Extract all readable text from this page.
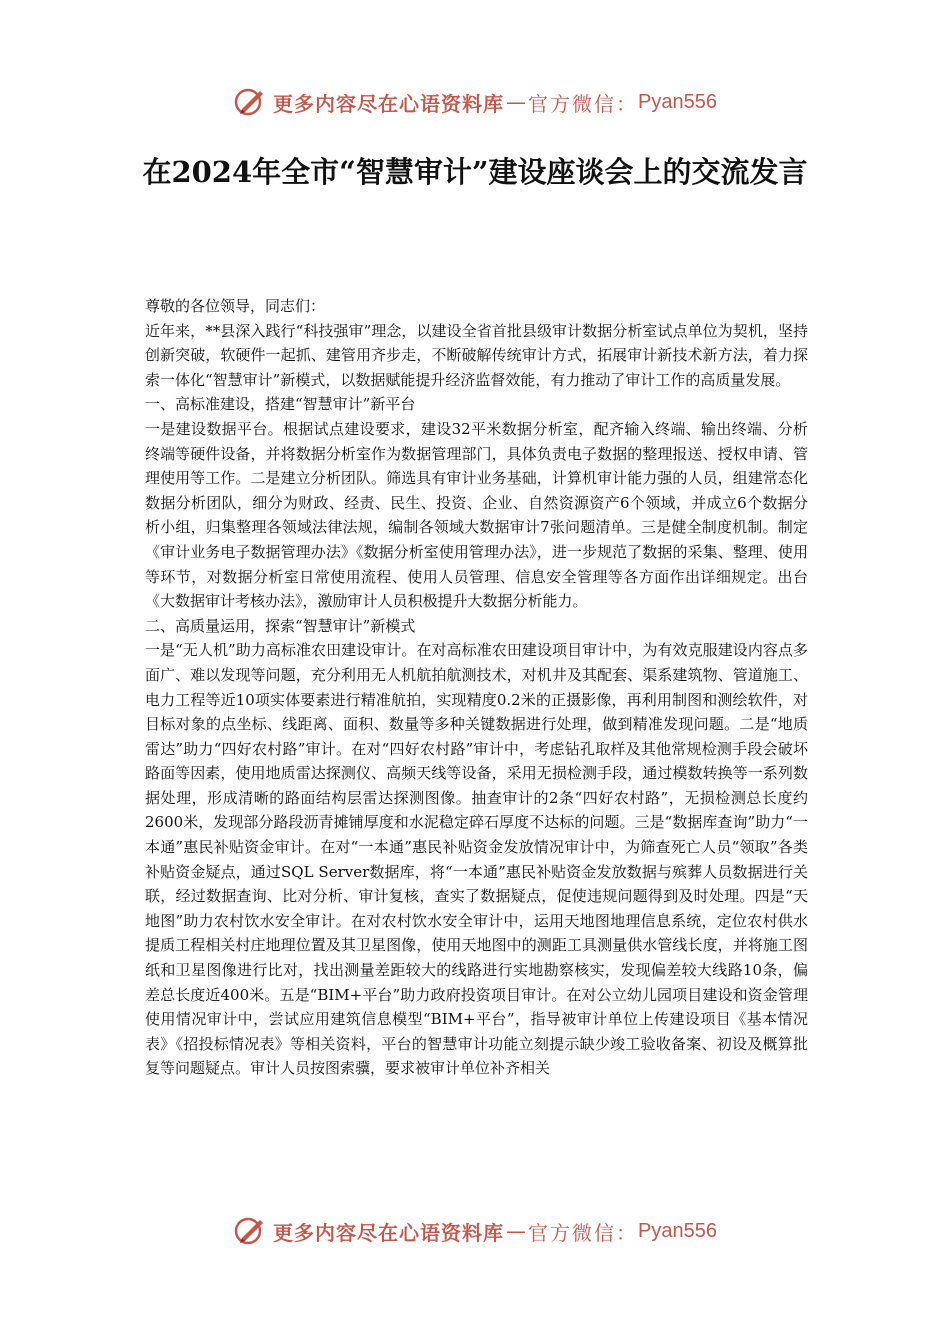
更多内容尽在心语资料库 — 官方微信： Pyan556
在2024年全市“智慧审计”建设座谈会上的交流发言

尊敬的各位领导，同志们：

近年来，**县深入践行“科技强审”理念，以建设全省首批县级审计数据分析室试点单位为契机，坚持创新突破，软硬件一起抓、建管用齐步走，不断破解传统审计方式，拓展审计新技术新方法，着力探索一体化“智慧审计”新模式，以数据赋能提升经济监督效能，有力推动了审计工作的高质量发展。

一、高标准建设，搭建“智慧审计”新平台

一是建设数据平台。根据试点建设要求，建设32平米数据分析室，配齐输入终端、输出终端、分析终端等硬件设备，并将数据分析室作为数据管理部门，具体负责电子数据的整理报送、授权申请、管理使用等工作。二是建立分析团队。筛选具有审计业务基础，计算机审计能力强的人员，组建常态化数据分析团队，细分为财政、经责、民生、投资、企业、自然资源资产6个领域，并成立6个数据分析小组，归集整理各领域法律法规，编制各领域大数据审计7张问题清单。三是健全制度机制。制定《审计业务电子数据管理办法》《数据分析室使用管理办法》，进一步规范了数据的采集、整理、使用等环节，对数据分析室日常使用流程、使用人员管理、信息安全管理等各方面作出详细规定。出台《大数据审计考核办法》，激励审计人员积极提升大数据分析能力。

二、高质量运用，探索“智慧审计”新模式

一是“无人机”助力高标准农田建设审计。在对高标准农田建设项目审计中，为有效克服建设内容点多面广、难以发现等问题，充分利用无人机航拍航测技术，对机井及其配套、渠系建筑物、管道施工、电力工程等近10项实体要素进行精准航拍，实现精度0.2米的正摄影像，再利用制图和测绘软件，对目标对象的点坐标、线距离、面积、数量等多种关键数据进行处理，做到精准发现问题。二是“地质雷达”助力“四好农村路”审计。在对“四好农村路”审计中，考虑钻孔取样及其他常规检测手段会破坏路面等因素，使用地质雷达探测仪、高频天线等设备，采用无损检测手段，通过模数转换等一系列数据处理，形成清晰的路面结构层雷达探测图像。抽查审计的2条“四好农村路”，无损检测总长度约2600米，发现部分路段沥青摊铺厚度和水泥稳定碎石厚度不达标的问题。三是“数据库查询”助力“一本通”惠民补贴资金审计。在对“一本通”惠民补贴资金发放情况审计中，为筛查死亡人员“领取”各类补贴资金疑点，通过SQL Server数据库，将“一本通”惠民补贴资金发放数据与殡葬人员数据进行关联，经过数据查询、比对分析、审计复核，查实了数据疑点，促使违规问题得到及时处理。四是“天地图”助力农村饮水安全审计。在对农村饮水安全审计中，运用天地图地理信息系统，定位农村供水提质工程相关村庄地理位置及其卫星图像，使用天地图中的测距工具测量供水管线长度，并将施工图纸和卫星图像进行比对，找出测量差距较大的线路进行实地勘察核实，发现偏差较大线路10条，偏差总长度近400米。五是“BIM+平台”助力政府投资项目审计。在对公立幼儿园项目建设和资金管理使用情况审计中，尝试应用建筑信息模型“BIM+平台”，指导被审计单位上传建设项目《基本情况表》《招投标情况表》等相关资料，平台的智慧审计功能立刻提示缺少竣工验收备案、初设及概算批复等问题疑点。审计人员按图索骥，要求被审计单位补齐相关

更多内容尽在心语资料库 — 官方微信： Pyan556
